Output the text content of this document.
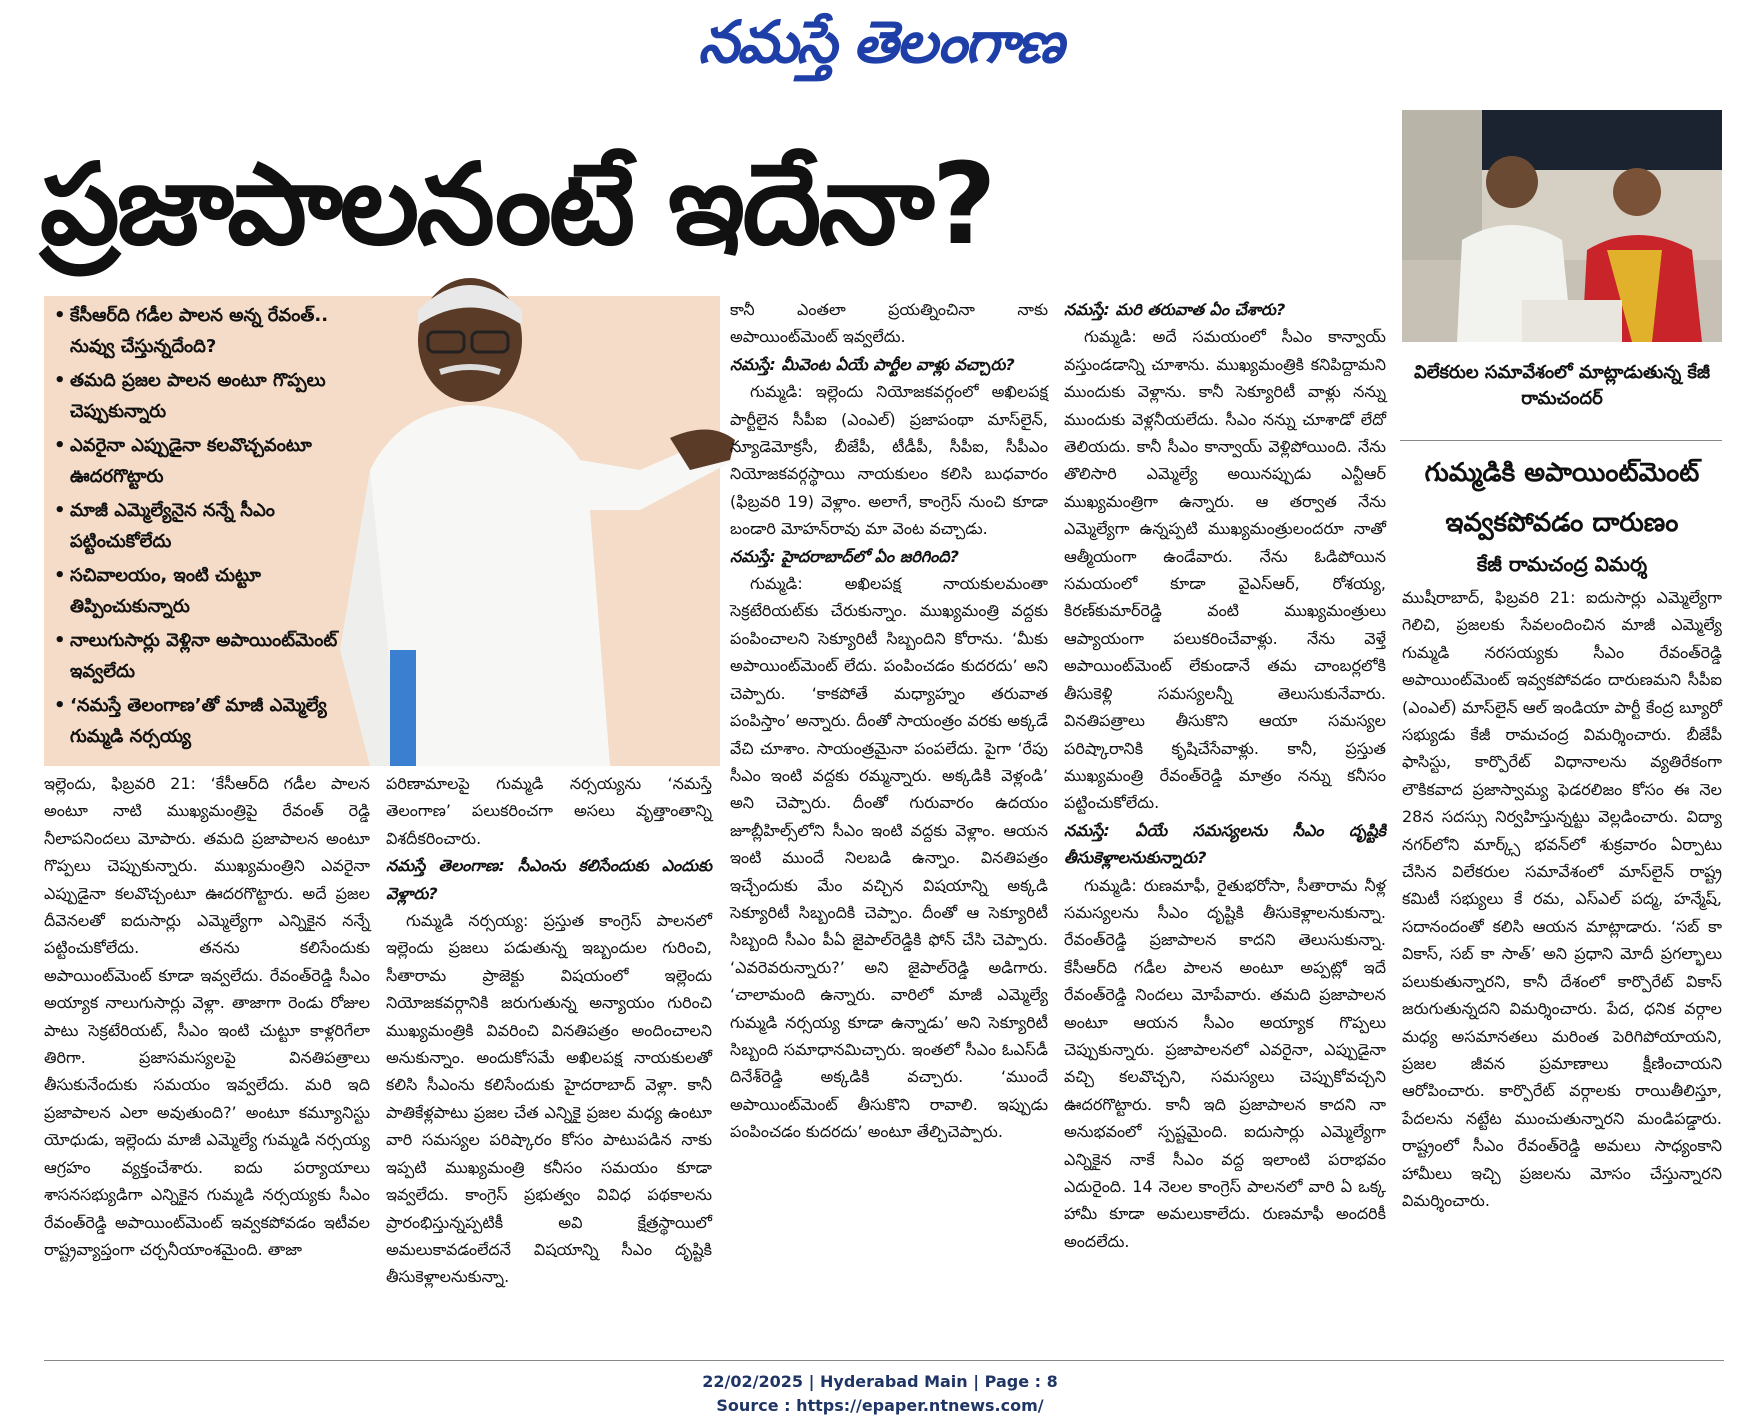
నమస్తే తెలంగాణ
ప్రజాపాలనంటే ఇదేనా?
విలేకరుల సమావేశంలో మాట్లాడుతున్న కేజీ రామచందర్
• కేసీఆర్‌ది గడీల పాలన అన్న రేవంత్.. నువ్వు చేస్తున్నదేంది?
• తమది ప్రజల పాలన అంటూ గొప్పలు చెప్పుకున్నారు
• ఎవరైనా ఎప్పుడైనా కలవొచ్చవంటూ ఊదరగొట్టారు
• మాజీ ఎమ్మెల్యేనైన నన్నే సీఎం పట్టించుకోలేదు
• సచివాలయం, ఇంటి చుట్టూ తిప్పించుకున్నారు
• నాలుగుసార్లు వెళ్లినా అపాయింట్‌మెంట్ ఇవ్వలేదు
• ‘నమస్తే తెలంగాణ’తో మాజీ ఎమ్మెల్యే గుమ్మడి నర్సయ్య

ఇల్లెందు, ఫిబ్రవరి 21: ‘కేసీఆర్‌ది గడీల పాలన అంటూ నాటి ముఖ్యమంత్రిపై రేవంత్ రెడ్డి నీలాపనిందలు మోపారు. తమది ప్రజాపాలన అంటూ గొప్పలు చెప్పుకున్నారు. ముఖ్యమంత్రిని ఎవరైనా ఎప్పుడైనా కలవొచ్చంటూ ఊదరగొట్టారు. అదే ప్రజల దీవెనలతో ఐదుసార్లు ఎమ్మెల్యేగా ఎన్నికైన నన్నే పట్టించుకోలేదు. తనను కలిసేందుకు అపాయింట్‌మెంట్ కూడా ఇవ్వలేదు. రేవంత్‌రెడ్డి సీఎం అయ్యాక నాలుగుసార్లు వెళ్లా. తాజాగా రెండు రోజుల పాటు సెక్రటేరియట్, సీఎం ఇంటి చుట్టూ కాళ్లరిగేలా తిరిగా. ప్రజాసమస్యలపై వినతిపత్రాలు తీసుకునేందుకు సమయం ఇవ్వలేదు. మరి ఇది ప్రజాపాలన ఎలా అవుతుంది?’ అంటూ కమ్యూనిస్టు యోధుడు, ఇల్లెందు మాజీ ఎమ్మెల్యే గుమ్మడి నర్సయ్య ఆగ్రహం వ్యక్తంచేశారు. ఐదు పర్యాయాలు శాసనసభ్యుడిగా ఎన్నికైన గుమ్మడి నర్సయ్యకు సీఎం రేవంత్‌రెడ్డి అపాయింట్‌మెంట్ ఇవ్వకపోవడం ఇటీవల రాష్ట్రవ్యాప్తంగా చర్చనీయాంశమైంది. తాజా

పరిణామాలపై గుమ్మడి నర్సయ్యను ‘నమస్తే తెలంగాణ’ పలుకరించగా అసలు వృత్తాంతాన్ని విశదీకరించారు.

నమస్తే తెలంగాణ: సీఎంను కలిసేందుకు ఎందుకు వెళ్లారు?

గుమ్మడి నర్సయ్య: ప్రస్తుత కాంగ్రెస్ పాలనలో ఇల్లెందు ప్రజలు పడుతున్న ఇబ్బందుల గురించి, సీతారామ ప్రాజెక్టు విషయంలో ఇల్లెందు నియోజకవర్గానికి జరుగుతున్న అన్యాయం గురించి ముఖ్యమంత్రికి వివరించి వినతిపత్రం అందించాలని అనుకున్నాం. అందుకోసమే అఖిలపక్ష నాయకులతో కలిసి సీఎంను కలిసేందుకు హైదరాబాద్ వెళ్లా. కానీ పాతికేళ్లపాటు ప్రజల చేత ఎన్నికై ప్రజల మధ్య ఉంటూ వారి సమస్యల పరిష్కారం కోసం పాటుపడిన నాకు ఇప్పటి ముఖ్యమంత్రి కనీసం సమయం కూడా ఇవ్వలేదు. కాంగ్రెస్ ప్రభుత్వం వివిధ పథకాలను ప్రారంభిస్తున్నప్పటికీ అవి క్షేత్రస్థాయిలో అమలుకావడంలేదనే విషయాన్ని సీఎం దృష్టికి తీసుకెళ్లాలనుకున్నా.

కానీ ఎంతలా ప్రయత్నించినా నాకు అపాయింట్‌మెంట్ ఇవ్వలేదు.

నమస్తే: మీవెంట ఏయే పార్టీల వాళ్లు వచ్చారు?

గుమ్మడి: ఇల్లెందు నియోజకవర్గంలో అఖిలపక్ష పార్టీలైన సీపీఐ (ఎంఎల్) ప్రజాపంథా మాస్‌లైన్, న్యూడెమోక్రసీ, బీజేపీ, టీడీపీ, సీపీఐ, సీపీఎం నియోజకవర్గస్థాయి నాయకులం కలిసి బుధవారం (ఫిబ్రవరి 19) వెళ్లాం. అలాగే, కాంగ్రెస్ నుంచి కూడా బండారి మోహన్‌రావు మా వెంట వచ్చాడు.

నమస్తే: హైదరాబాద్‌లో ఏం జరిగింది?

గుమ్మడి: అఖిలపక్ష నాయకులమంతా సెక్రటేరియట్‌కు చేరుకున్నాం. ముఖ్యమంత్రి వద్దకు పంపించాలని సెక్యూరిటీ సిబ్బందిని కోరాను. ‘మీకు అపాయింట్‌మెంట్ లేదు. పంపించడం కుదరదు’ అని చెప్పారు. ‘కాకపోతే మధ్యాహ్నం తరువాత పంపిస్తాం’ అన్నారు. దీంతో సాయంత్రం వరకు అక్కడే వేచి చూశాం. సాయంత్రమైనా పంపలేదు. పైగా ‘రేపు సీఎం ఇంటి వద్దకు రమ్మన్నారు. అక్కడికి వెళ్లండి’ అని చెప్పారు. దీంతో గురువారం ఉదయం జూబ్లీహిల్స్‌లోని సీఎం ఇంటి వద్దకు వెళ్లాం. ఆయన ఇంటి ముందే నిలబడి ఉన్నాం. వినతిపత్రం ఇచ్చేందుకు మేం వచ్చిన విషయాన్ని అక్కడి సెక్యూరిటీ సిబ్బందికి చెప్పాం. దీంతో ఆ సెక్యూరిటీ సిబ్బంది సీఎం పీఏ జైపాల్‌రెడ్డికి ఫోన్ చేసి చెప్పారు. ‘ఎవరెవరున్నారు?’ అని జైపాల్‌రెడ్డి అడిగారు. ‘చాలామంది ఉన్నారు. వారిలో మాజీ ఎమ్మెల్యే గుమ్మడి నర్సయ్య కూడా ఉన్నాడు’ అని సెక్యూరిటీ సిబ్బంది సమాధానమిచ్చారు. ఇంతలో సీఎం ఓఎస్‌డీ దినేశ్‌రెడ్డి అక్కడికి వచ్చారు. ‘ముందే అపాయింట్‌మెంట్ తీసుకొని రావాలి. ఇప్పుడు పంపించడం కుదరదు’ అంటూ తేల్చిచెప్పారు.

నమస్తే: మరి తరువాత ఏం చేశారు?

గుమ్మడి: అదే సమయంలో సీఎం కాన్వాయ్ వస్తుండడాన్ని చూశాను. ముఖ్యమంత్రికి కనిపిద్దామని ముందుకు వెళ్లాను. కానీ సెక్యూరిటీ వాళ్లు నన్ను ముందుకు వెళ్లనీయలేదు. సీఎం నన్ను చూశాడో లేదో తెలియదు. కానీ సీఎం కాన్వాయ్ వెళ్లిపోయింది. నేను తొలిసారి ఎమ్మెల్యే అయినప్పుడు ఎన్టీఆర్ ముఖ్యమంత్రిగా ఉన్నారు. ఆ తర్వాత నేను ఎమ్మెల్యేగా ఉన్నప్పటి ముఖ్యమంత్రులందరూ నాతో ఆత్మీయంగా ఉండేవారు. నేను ఓడిపోయిన సమయంలో కూడా వైఎస్‌ఆర్, రోశయ్య, కిరణ్‌కుమార్‌రెడ్డి వంటి ముఖ్యమంత్రులు ఆప్యాయంగా పలుకరించేవాళ్లు. నేను వెళ్తే అపాయింట్‌మెంట్ లేకుండానే తమ చాంబర్లలోకి తీసుకెళ్లి సమస్యలన్నీ తెలుసుకునేవారు. వినతిపత్రాలు తీసుకొని ఆయా సమస్యల పరిష్కారానికి కృషిచేసేవాళ్లు. కానీ, ప్రస్తుత ముఖ్యమంత్రి రేవంత్‌రెడ్డి మాత్రం నన్ను కనీసం పట్టించుకోలేదు.

నమస్తే: ఏయే సమస్యలను సీఎం దృష్టికి తీసుకెళ్లాలనుకున్నారు?

గుమ్మడి: రుణమాఫీ, రైతుభరోసా, సీతారామ నీళ్ల సమస్యలను సీఎం దృష్టికి తీసుకెళ్లాలనుకున్నా. రేవంత్‌రెడ్డి ప్రజాపాలన కాదని తెలుసుకున్నా. కేసీఆర్‌ది గడీల పాలన అంటూ అప్పట్లో ఇదే రేవంత్‌రెడ్డి నిందలు మోపేవారు. తమది ప్రజాపాలన అంటూ ఆయన సీఎం అయ్యాక గొప్పలు చెప్పుకున్నారు. ప్రజాపాలనలో ఎవరైనా, ఎప్పుడైనా వచ్చి కలవొచ్చని, సమస్యలు చెప్పుకోవచ్చని ఊదరగొట్టారు. కానీ ఇది ప్రజాపాలన కాదని నా అనుభవంలో స్పష్టమైంది. ఐదుసార్లు ఎమ్మెల్యేగా ఎన్నికైన నాకే సీఎం వద్ద ఇలాంటి పరాభవం ఎదురైంది. 14 నెలల కాంగ్రెస్ పాలనలో వారి ఏ ఒక్క హామీ కూడా అమలుకాలేదు. రుణమాఫీ అందరికీ అందలేదు.

గుమ్మడికి అపాయింట్‌మెంట్ ఇవ్వకపోవడం దారుణం
కేజీ రామచంద్ర విమర్శ

ముషీరాబాద్, ఫిబ్రవరి 21: ఐదుసార్లు ఎమ్మెల్యేగా గెలిచి, ప్రజలకు సేవలందించిన మాజీ ఎమ్మెల్యే గుమ్మడి నరసయ్యకు సీఎం రేవంత్‌రెడ్డి అపాయింట్‌మెంట్ ఇవ్వకపోవడం దారుణమని సీపీఐ (ఎంఎల్) మాస్‌లైన్ ఆల్ ఇండియా పార్టీ కేంద్ర బ్యూరో సభ్యుడు కేజీ రామచంద్ర విమర్శించారు. బీజేపీ ఫాసిస్టు, కార్పొరేట్ విధానాలను వ్యతిరేకంగా లౌకికవాద ప్రజాస్వామ్య ఫెడరలిజం కోసం ఈ నెల 28న సదస్సు నిర్వహిస్తున్నట్టు వెల్లడించారు. విద్యా నగర్‌లోని మార్క్స్ భవన్‌లో శుక్రవారం ఏర్పాటు చేసిన విలేకరుల సమావేశంలో మాస్‌లైన్ రాష్ట్ర కమిటీ సభ్యులు కే రమ, ఎస్‌ఎల్ పద్మ, హన్మేష్, సదానందంతో కలిసి ఆయన మాట్లాడారు. ‘సబ్ కా వికాస్, సబ్ కా సాత్’ అని ప్రధాని మోదీ ప్రగల్భాలు పలుకుతున్నారని, కానీ దేశంలో కార్పొరేట్ వికాస్ జరుగుతున్నదని విమర్శించారు. పేద, ధనిక వర్గాల మధ్య అసమానతలు మరింత పెరిగిపోయాయని, ప్రజల జీవన ప్రమాణాలు క్షీణించాయని ఆరోపించారు. కార్పొరేట్ వర్గాలకు రాయితీలిస్తూ, పేదలను నట్టేట ముంచుతున్నారని మండిపడ్డారు. రాష్ట్రంలో సీఎం రేవంత్‌రెడ్డి అమలు సాధ్యంకాని హామీలు ఇచ్చి ప్రజలను మోసం చేస్తున్నారని విమర్శించారు.

22/02/2025 | Hyderabad Main | Page : 8
Source : https://epaper.ntnews.com/
